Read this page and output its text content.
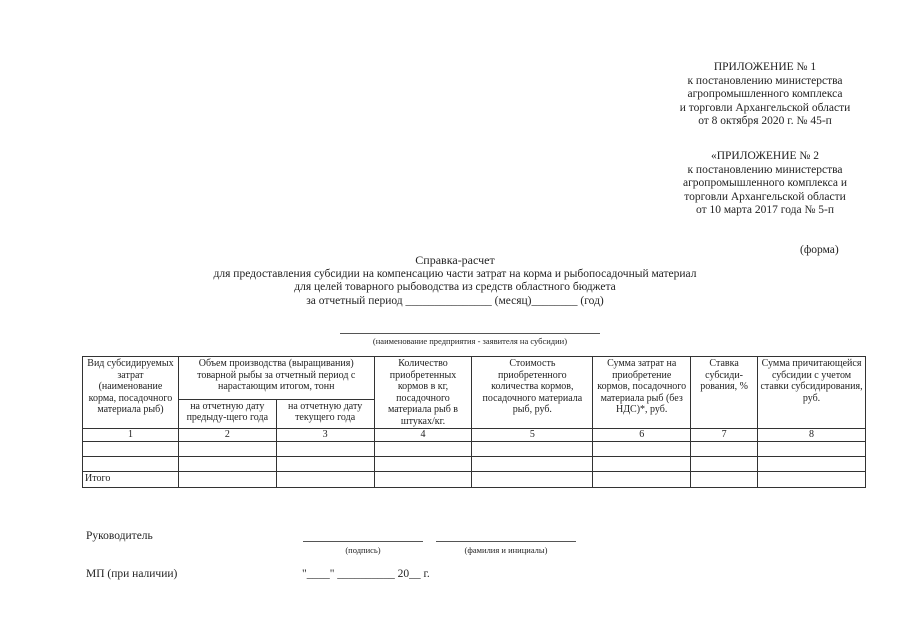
ПРИЛОЖЕНИЕ № 1
к постановлению министерства
агропромышленного комплекса
и торговли Архангельской области
от 8 октября 2020 г. № 45-п
«ПРИЛОЖЕНИЕ № 2
к постановлению министерства
агропромышленного комплекса и
торговли Архангельской области
от 10 марта 2017 года № 5-п
(форма)
Справка-расчет
для предоставления субсидии на компенсацию части затрат на корма и рыбопосадочный материал
для целей товарного рыбоводства из средств областного бюджета
за отчетный период _______________ (месяц)________ (год)
(наименование предприятия - заявителя на субсидии)
Вид субсидируемых затрат (наименование корма, посадочного материала рыб)	Объем производства (выращивания) товарной рыбы за отчетный период с нарастающим итогом, тонн		Количество приобретенных кормов в кг, посадочного материала рыб в штуках/кг.	Стоимость приобретенного количества кормов, посадочного материала рыб, руб.	Сумма затрат на приобретение кормов, посадочного материала рыб (без НДС)*, руб.	Ставка субсиди-рования, %	Сумма причитающейся субсидии с учетом ставки субсидирования, руб.
	на отчетную дату предыду-щего года	на отчетную дату текущего года					
1	2	3	4	5	6	7	8

Итого							
Руководитель
(подпись)	(фамилия и инициалы)
МП (при наличии)	"____" __________ 20__ г.
